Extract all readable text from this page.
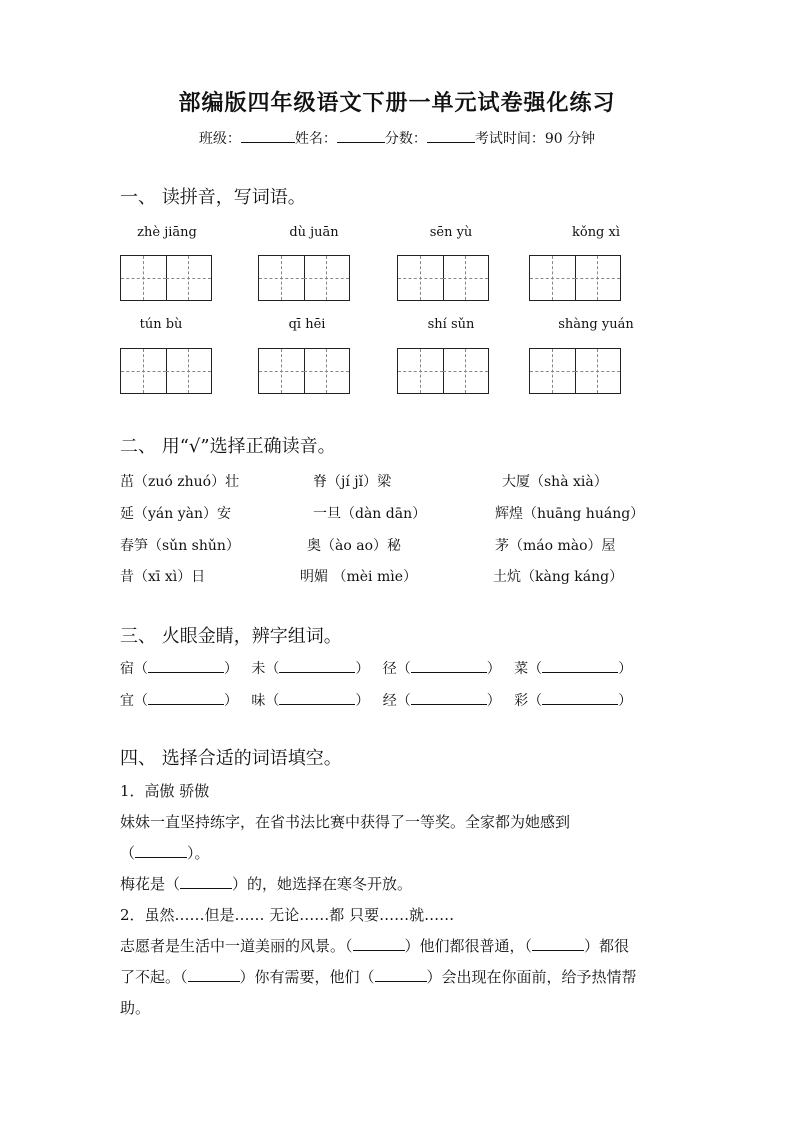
部编版四年级语文下册一单元试卷强化练习
班级：	姓名：	分数：	考试时间：90 分钟
一、 读拼音，写词语。
zhè jiāng	dù juān	sēn yù	kǒng xì
tún bù	qī hēi	shí sǔn	shàng yuán
二、 用“√”选择正确读音。
茁（zuó zhuó）壮	脊（jí jǐ）梁	大厦（shà xià）
延（yán yàn）安	一旦（dàn dān）	辉煌（huāng huáng）
春笋（sǔn shǔn）	奥（ào ao）秘	茅（máo mào）屋
昔（xī xì）日	明媚 （mèi mìe）	土炕（kàng káng）
三、 火眼金睛，辨字组词。
宿（	）   未（	）   径（	）   菜（	）
宜（	）   味（	）   经（	）   彩（	）
四、 选择合适的词语填空。
1．高傲 骄傲
妹妹一直坚持练字，在省书法比赛中获得了一等奖。全家都为她感到
（	）。
梅花是（	）的，她选择在寒冬开放。
2．虽然……但是…… 无论……都 只要……就……
志愿者是生活中一道美丽的风景。（	）他们都很普通，（	）都很
了不起。（	）你有需要，他们（	）会出现在你面前，给予热情帮
助。
